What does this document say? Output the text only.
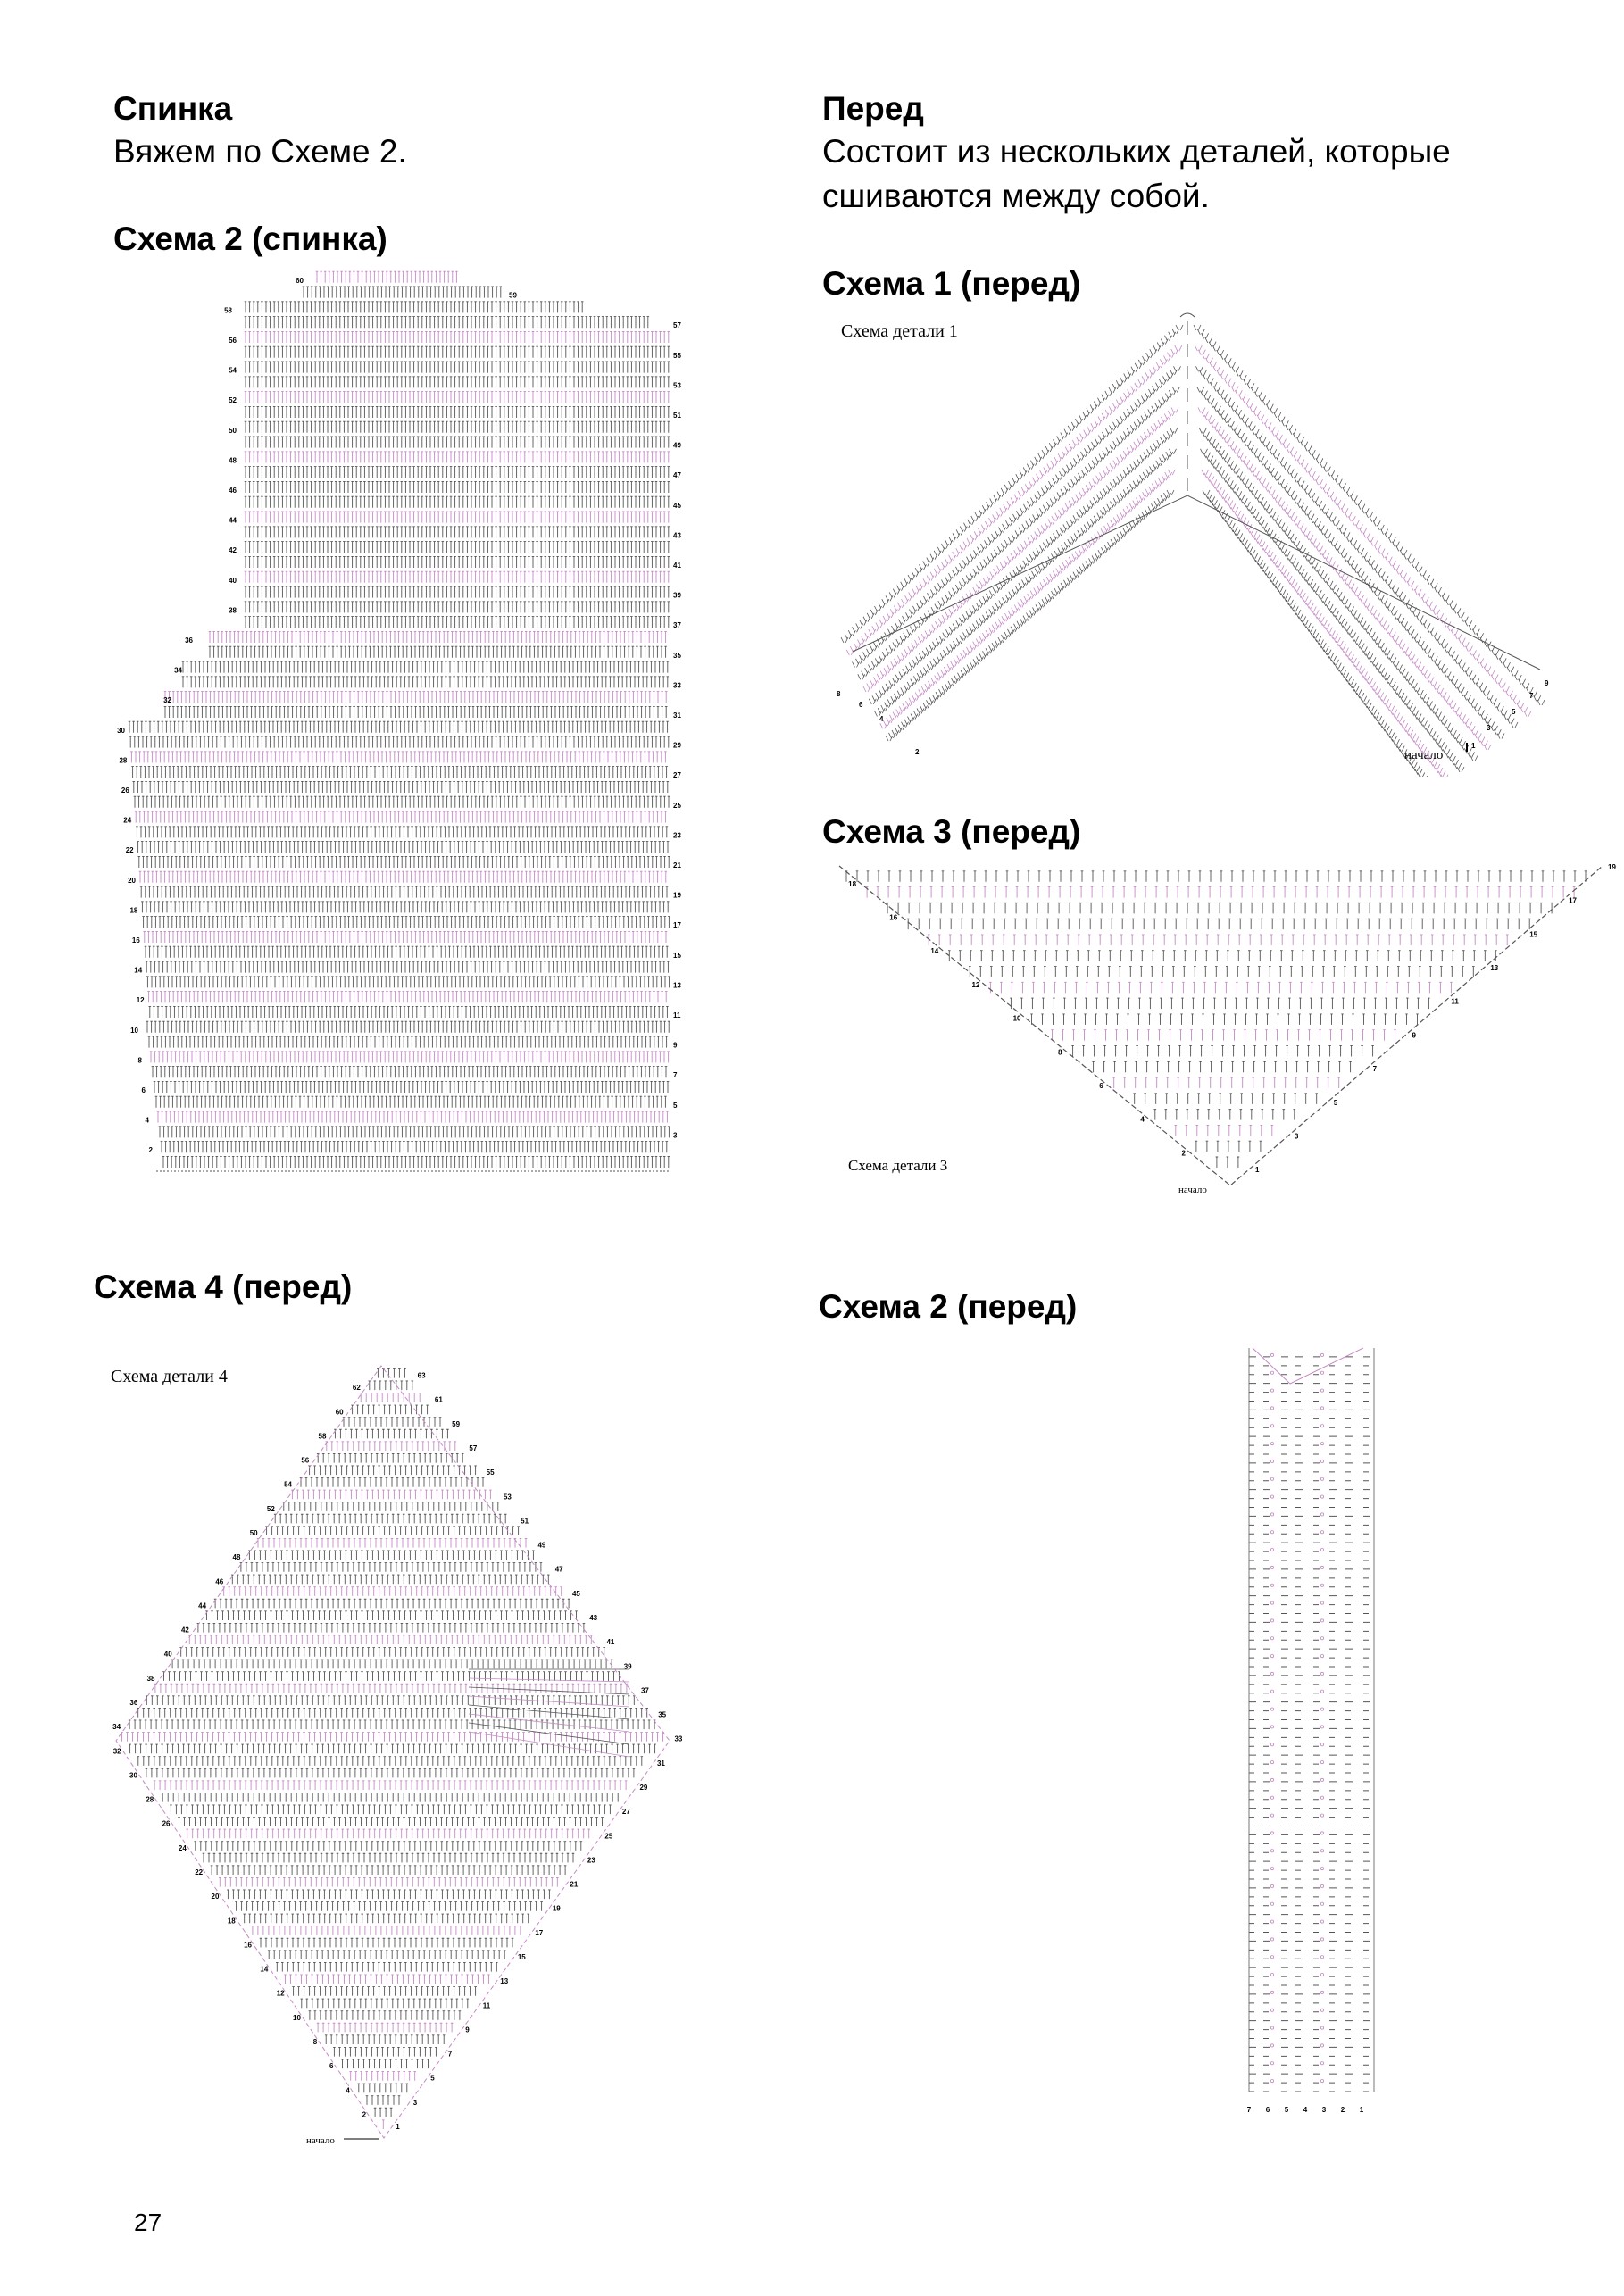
Спинка
Вяжем по Схеме 2.
Схема 2 (спинка)
Перед
Состоит из нескольких деталей, которые
сшиваются между собой.
Схема 1 (перед)
Схема детали 1
Схема 3 (перед)
Схема детали 3
Схема 4 (перед)
Схема детали 4
Схема 2 (перед)
27
60
58
56
54
52
50
48
46
44
42
40
38
36
34
32
30
28
26
24
22
20
18
16
14
12
10
8
6
4
2
59
57
55
53
51
49
47
45
43
41
39
37
35
33
31
29
27
25
23
21
19
17
15
13
11
9
7
5
3
8
6
4
2
9
7
5
3
1
начало
18
16
14
12
10
8
6
4
2
19
17
15
13
11
9
7
5
3
1
начало
62
60
58
56
54
52
50
48
46
44
42
40
38
36
34
32
30
28
26
24
22
20
18
16
14
12
10
8
6
4
2
63
61
59
57
55
53
51
49
47
45
43
41
39
37
35
33
31
29
27
25
23
21
19
17
15
13
11
9
7
5
3
1
начало
7 6 5 4 3 2 1
